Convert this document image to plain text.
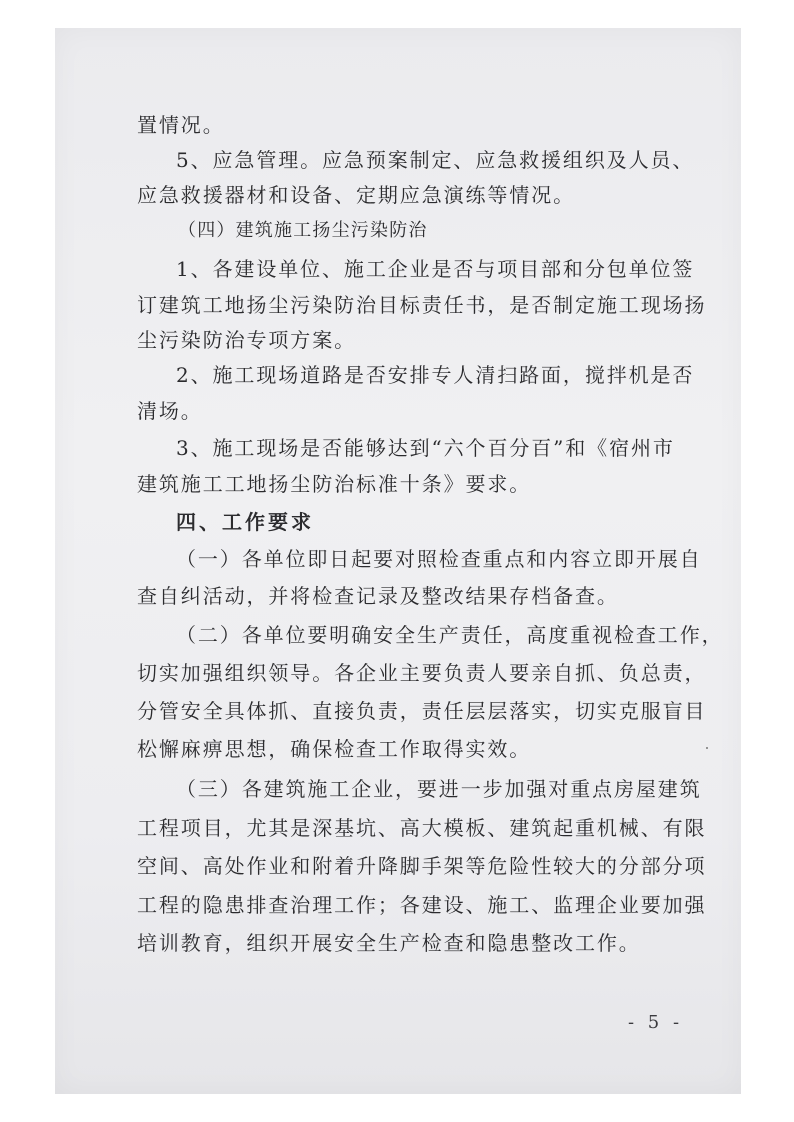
置情况。
5、应急管理。应急预案制定、应急救援组织及人员、
应急救援器材和设备、定期应急演练等情况。
（四）建筑施工扬尘污染防治
1、各建设单位、施工企业是否与项目部和分包单位签
订建筑工地扬尘污染防治目标责任书，是否制定施工现场扬
尘污染防治专项方案。
2、施工现场道路是否安排专人清扫路面，搅拌机是否
清场。
3、施工现场是否能够达到“六个百分百”和《宿州市
建筑施工工地扬尘防治标准十条》要求。
四、工作要求
（一）各单位即日起要对照检查重点和内容立即开展自
查自纠活动，并将检查记录及整改结果存档备查。
（二）各单位要明确安全生产责任，高度重视检查工作，
切实加强组织领导。各企业主要负责人要亲自抓、负总责，
分管安全具体抓、直接负责，责任层层落实，切实克服盲目
松懈麻痹思想，确保检查工作取得实效。
（三）各建筑施工企业，要进一步加强对重点房屋建筑
工程项目，尤其是深基坑、高大模板、建筑起重机械、有限
空间、高处作业和附着升降脚手架等危险性较大的分部分项
工程的隐患排查治理工作；各建设、施工、监理企业要加强
培训教育，组织开展安全生产检查和隐患整改工作。
- 5 -
